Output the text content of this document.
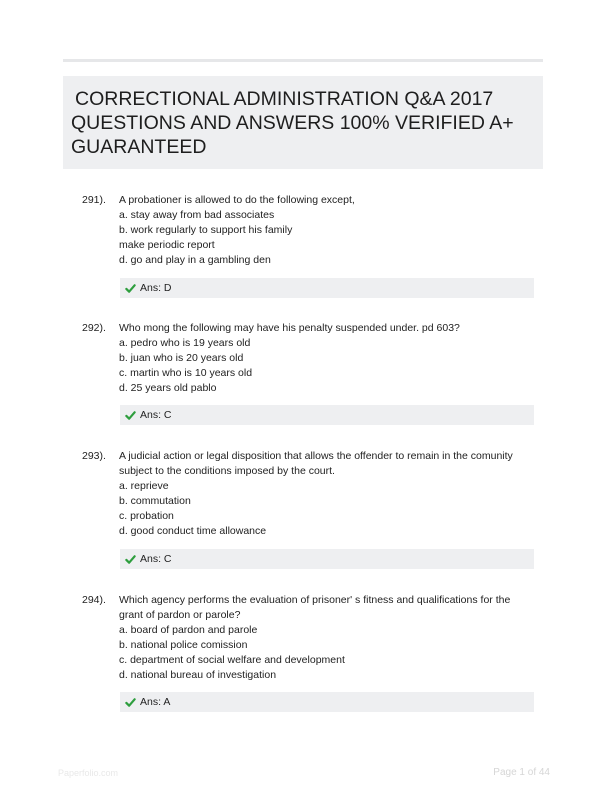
CORRECTIONAL ADMINISTRATION Q&A 2017
QUESTIONS AND ANSWERS 100% VERIFIED A+
GUARANTEED
291). A probationer is allowed to do the following except,
a. stay away from bad associates
b. work regularly to support his family
make periodic report
d. go and play in a gambling den
Ans: D
292). Who mong the following may have his penalty suspended under. pd 603?
a. pedro who is 19 years old
b. juan who is 20 years old
c. martin who is 10 years old
d. 25 years old pablo
Ans: C
293). A judicial action or legal disposition that allows the offender to remain in the comunity
subject to the conditions imposed by the court.
a. reprieve
b. commutation
c. probation
d. good conduct time allowance
Ans: C
294). Which agency performs the evaluation of prisoner' s fitness and qualifications for the
grant of pardon or parole?
a. board of pardon and parole
b. national police comission
c. department of social welfare and development
d. national bureau of investigation
Ans: A
Paperfolio.com	Page 1 of 44
